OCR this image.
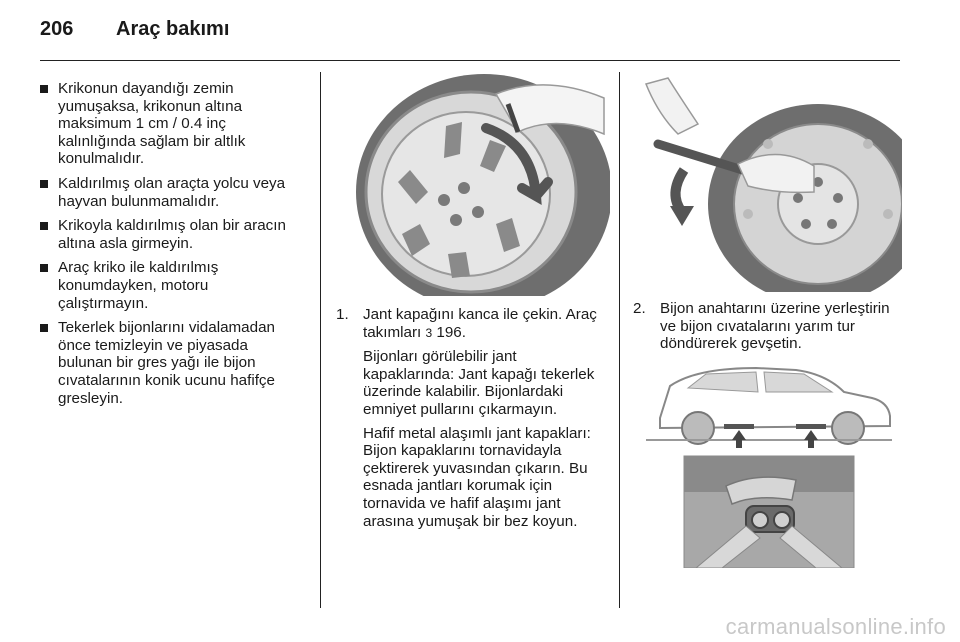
206 Araç bakımı
Krikonun dayandığı zemin yumuşaksa, krikonun altına maksimum 1 cm / 0.4 inç kalınlığında sağlam bir altlık konulmalıdır.
Kaldırılmış olan araçta yolcu veya hayvan bulunmamalıdır.
Krikoyla kaldırılmış olan bir aracın altına asla girmeyin.
Araç kriko ile kaldırılmış konumdayken, motoru çalıştırmayın.
Tekerlek bijonlarını vidalamadan önce temizleyin ve piyasada bulunan bir gres yağı ile bijon cıvatalarının konik ucunu hafifçe gresleyin.
1. Jant kapağını kanca ile çekin. Araç takımları 3 196.

Bijonları görülebilir jant kapaklarında: Jant kapağı tekerlek üzerinde kalabilir. Bijonlardaki emniyet pullarını çıkarmayın.

Hafif metal alaşımlı jant kapakları: Bijon kapaklarını tornavidayla çektirerek yuvasından çıkarın. Bu esnada jantları korumak için tornavida ve hafif alaşımı jant arasına yumuşak bir bez koyun.

2. Bijon anahtarını üzerine yerleştirin ve bijon cıvatalarını yarım tur döndürerek gevşetin.

carmanualsonline.info
